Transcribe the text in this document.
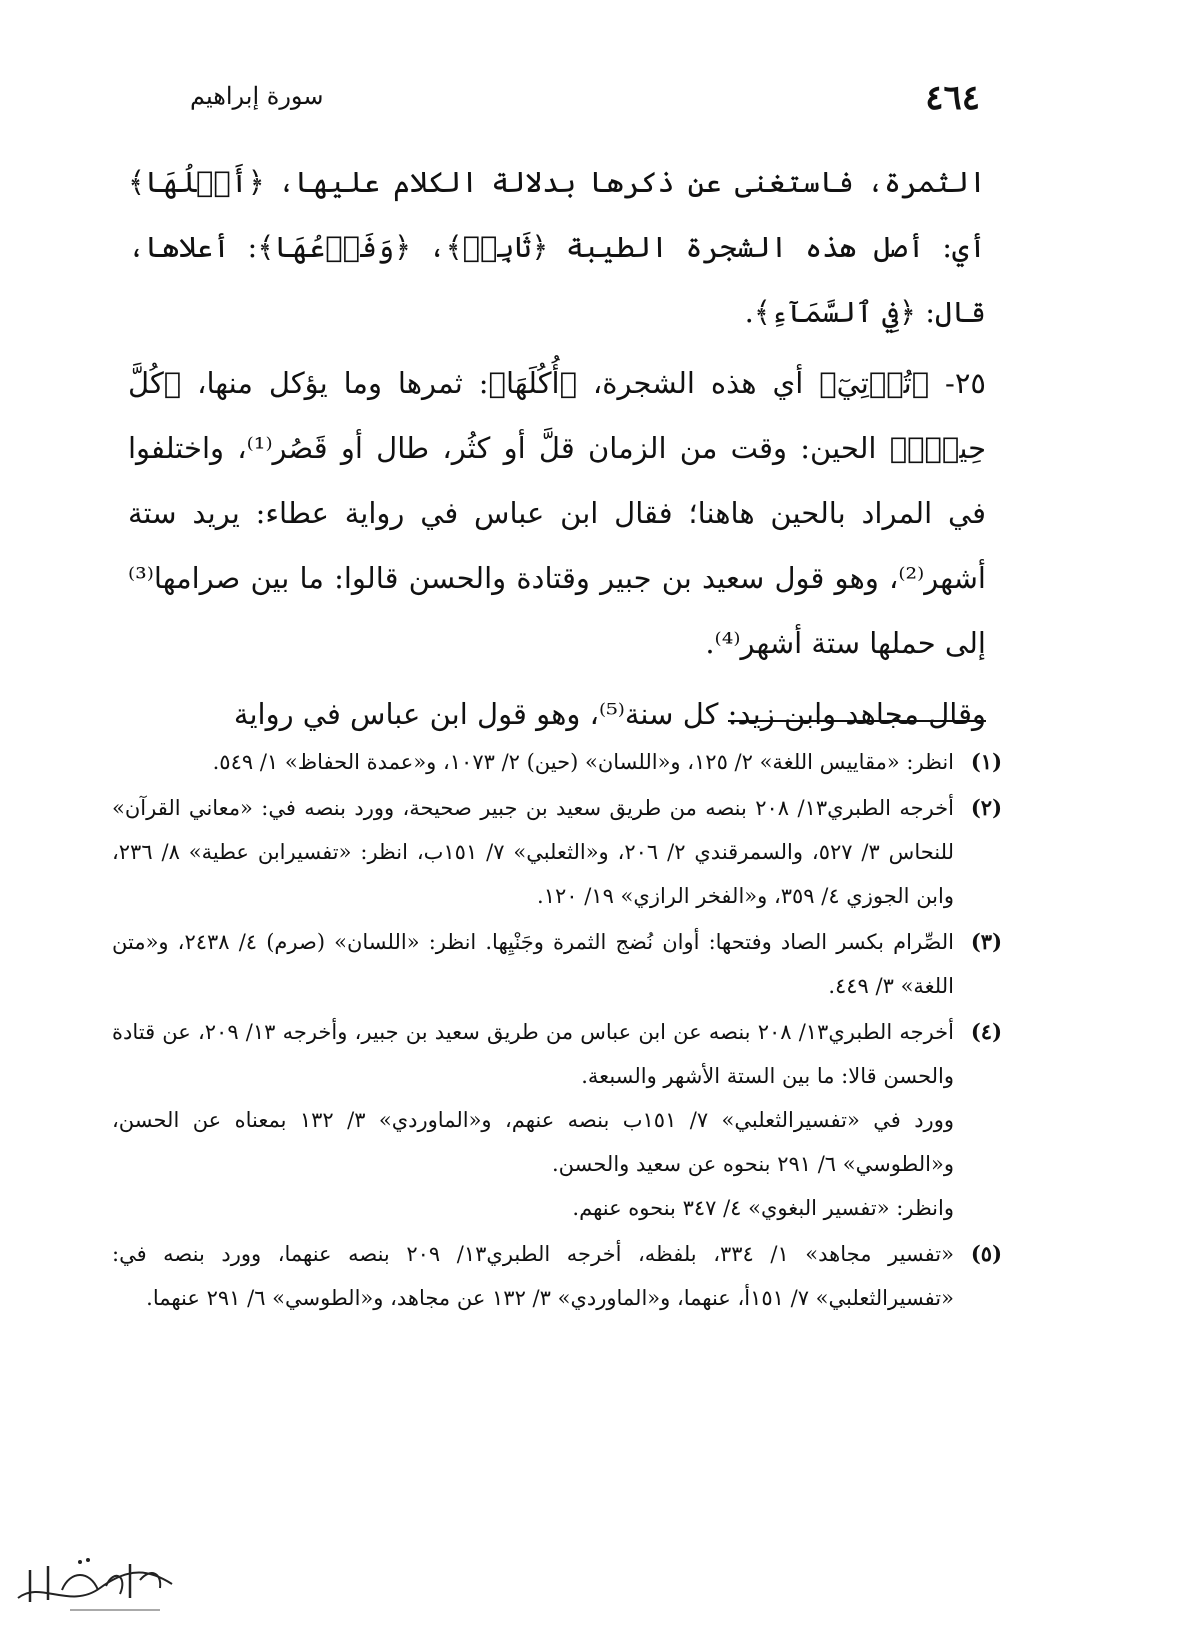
٤٦٤
سورة إبراهيم

الثمرة، فاستغنى عن ذكرها بدلالة الكلام عليها، ﴿أَصۡلُهَا﴾ أي: أصل هذه الشجرة الطيبة ﴿ثَابِتٞ﴾، ﴿وَفَرۡعُهَا﴾: أعلاها، قال: ﴿فِي ٱلسَّمَآءِ﴾.

٢٥- ﴿تُؤۡتِيٓ﴾ أي هذه الشجرة، ﴿أُكُلَهَا﴾: ثمرها وما يؤكل منها، ﴿كُلَّ حِينِۭ﴾ الحين: وقت من الزمان قلَّ أو كثُر، طال أو قَصُر⁽¹⁾، واختلفوا في المراد بالحين هاهنا؛ فقال ابن عباس في رواية عطاء: يريد ستة أشهر⁽²⁾، وهو قول سعيد بن جبير وقتادة والحسن قالوا: ما بين صرامها⁽³⁾ إلى حملها ستة أشهر⁽⁴⁾.

وقال مجاهد وابن زيد: كل سنة⁽⁵⁾، وهو قول ابن عباس في رواية

(١)

انظر: «مقاييس اللغة» ٢/ ١٢٥، و«اللسان» (حين) ٢/ ١٠٧٣، و«عمدة الحفاظ» ١/ ٥٤٩.

(٢)

أخرجه الطبري١٣/ ٢٠٨ بنصه من طريق سعيد بن جبير صحيحة، وورد بنصه في: «معاني القرآن» للنحاس ٣/ ٥٢٧، والسمرقندي ٢/ ٢٠٦، و«الثعلبي» ٧/ ١٥١ب، انظر: «تفسيرابن عطية» ٨/ ٢٣٦، وابن الجوزي ٤/ ٣٥٩، و«الفخر الرازي» ١٩/ ١٢٠.

(٣)

الصِّرام بكسر الصاد وفتحها: أوان نُضج الثمرة وجَنْيِها. انظر: «اللسان» (صرم) ٤/ ٢٤٣٨، و«متن اللغة» ٣/ ٤٤٩.

(٤)

أخرجه الطبري١٣/ ٢٠٨ بنصه عن ابن عباس من طريق سعيد بن جبير، وأخرجه ١٣/ ٢٠٩، عن قتادة والحسن قالا: ما بين الستة الأشهر والسبعة.

وورد في «تفسيرالثعلبي» ٧/ ١٥١ب بنصه عنهم، و«الماوردي» ٣/ ١٣٢ بمعناه عن الحسن، و«الطوسي» ٦/ ٢٩١ بنحوه عن سعيد والحسن.

وانظر: «تفسير البغوي» ٤/ ٣٤٧ بنحوه عنهم.

(٥)

«تفسير مجاهد» ١/ ٣٣٤، بلفظه، أخرجه الطبري١٣/ ٢٠٩ بنصه عنهما، وورد بنصه في: «تفسيرالثعلبي» ٧/ ١٥١أ، عنهما، و«الماوردي» ٣/ ١٣٢ عن مجاهد، و«الطوسي» ٦/ ٢٩١ عنهما.
